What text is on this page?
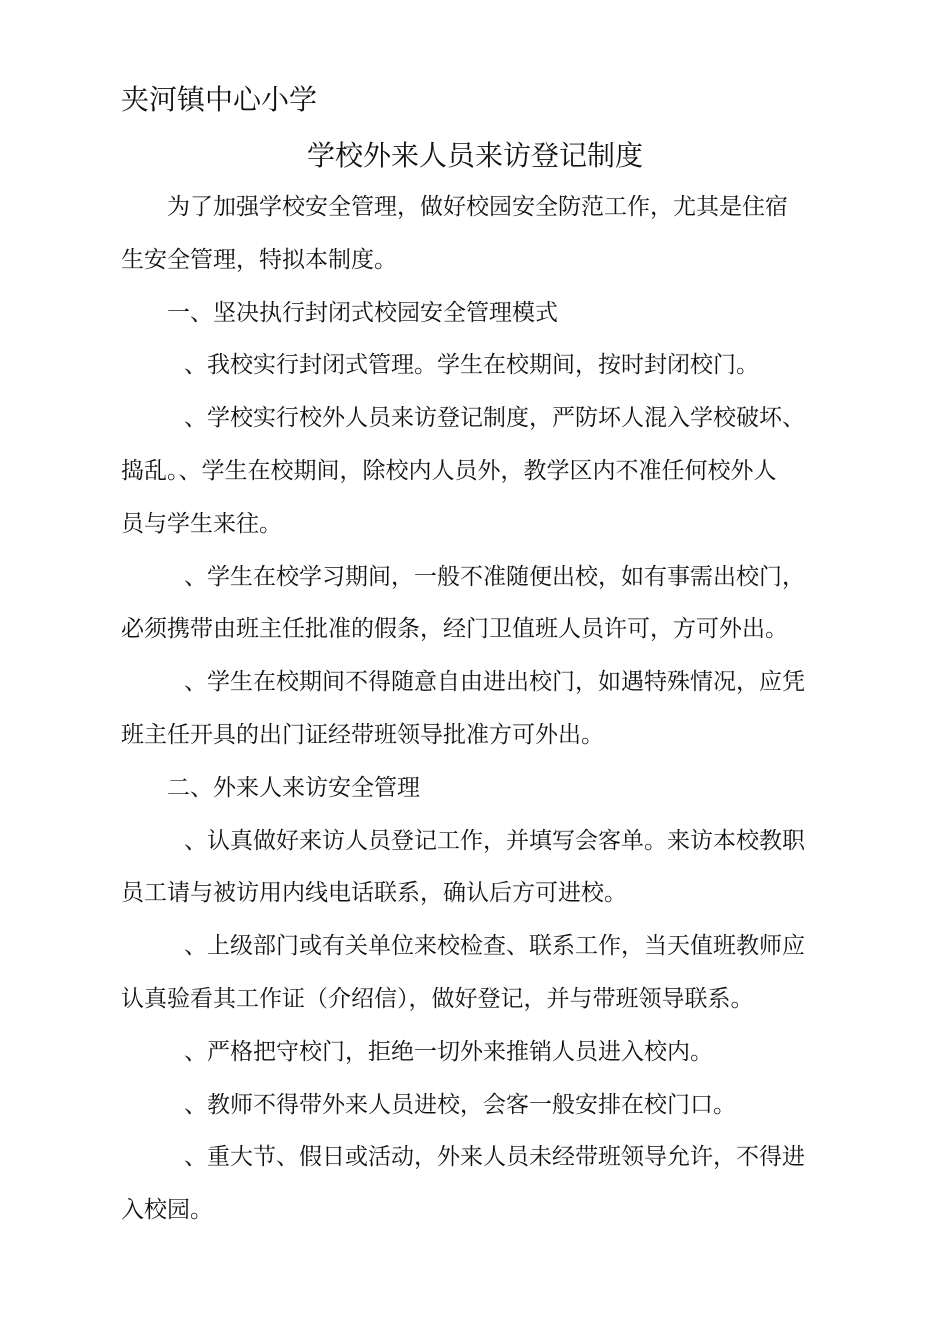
夹河镇中心小学
学校外来人员来访登记制度
为了加强学校安全管理，做好校园安全防范工作，尤其是住宿
生安全管理，特拟本制度。
一、坚决执行封闭式校园安全管理模式
、我校实行封闭式管理。学生在校期间，按时封闭校门。
、学校实行校外人员来访登记制度，严防坏人混入学校破坏、
捣乱。、学生在校期间，除校内人员外，教学区内不准任何校外人
员与学生来往。
、学生在校学习期间，一般不准随便出校，如有事需出校门，
必须携带由班主任批准的假条，经门卫值班人员许可，方可外出。
、学生在校期间不得随意自由进出校门，如遇特殊情况，应凭
班主任开具的出门证经带班领导批准方可外出。
二、外来人来访安全管理
、认真做好来访人员登记工作，并填写会客单。来访本校教职
员工请与被访用内线电话联系，确认后方可进校。
、上级部门或有关单位来校检查、联系工作，当天值班教师应
认真验看其工作证（介绍信），做好登记，并与带班领导联系。
、严格把守校门，拒绝一切外来推销人员进入校内。
、教师不得带外来人员进校，会客一般安排在校门口。
、重大节、假日或活动，外来人员未经带班领导允许，不得进
入校园。
